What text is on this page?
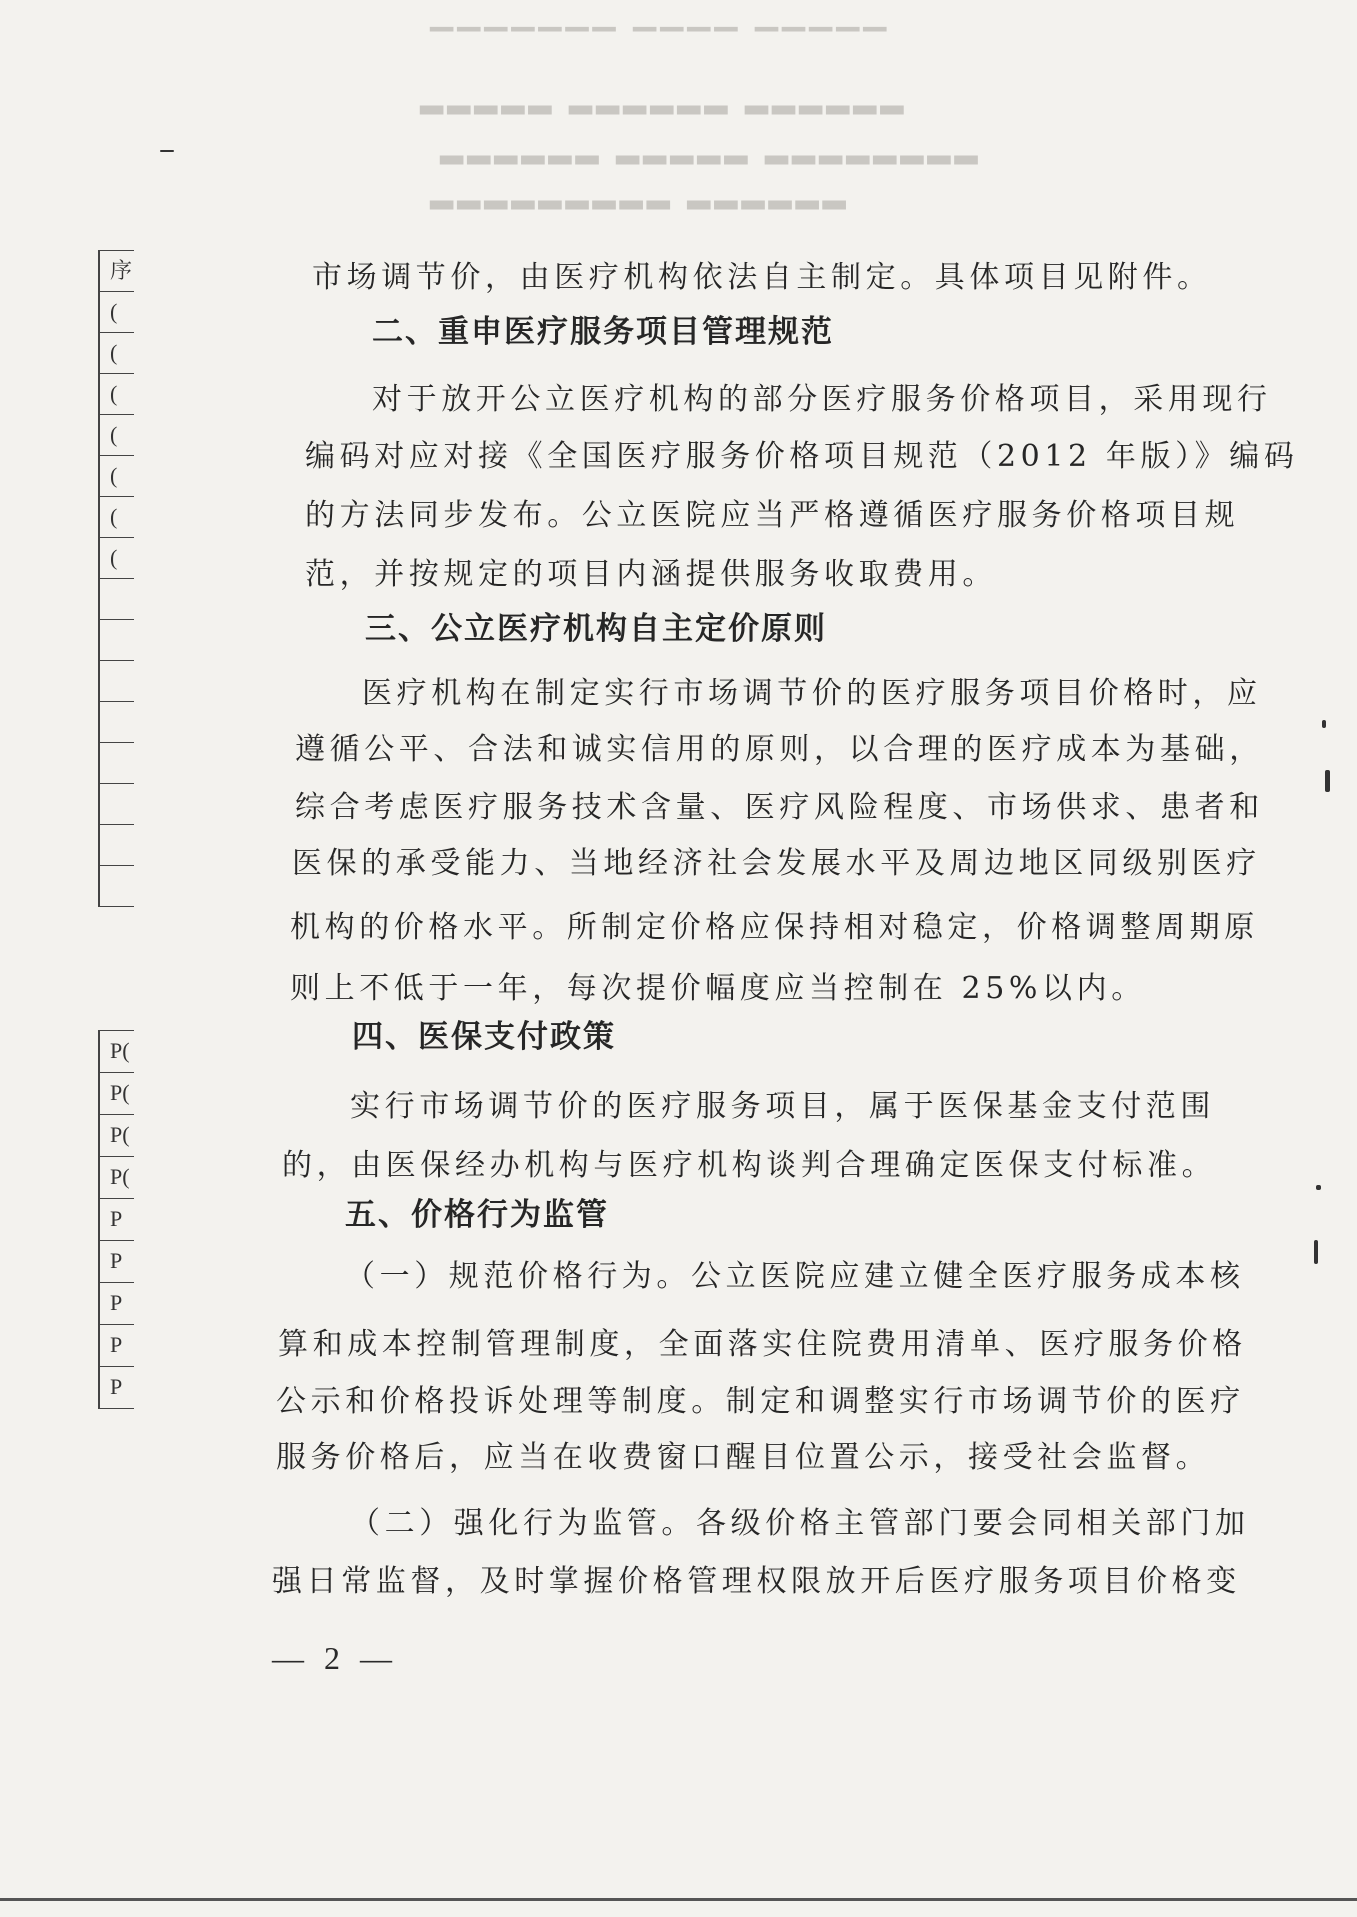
▔▔▔▔▔▔▔ ▔▔▔▔ ▔▔▔▔▔
▂▂▂▂▂ ▂▂▂▂▂▂ ▂▂▂▂▂▂
▂▂▂▂▂▂ ▂▂▂▂▂ ▂▂▂▂▂▂▂▂
▂▂▂▂▂▂▂▂▂ ▂▂▂▂▂▂
序
(
(
(
(
(
(
(
P(
P(
P(
P(
P
P
P
P
P
市场调节价，由医疗机构依法自主制定。具体项目见附件。
二、重申医疗服务项目管理规范
对于放开公立医疗机构的部分医疗服务价格项目，采用现行
编码对应对接《全国医疗服务价格项目规范（2012 年版）》编码
的方法同步发布。公立医院应当严格遵循医疗服务价格项目规
范，并按规定的项目内涵提供服务收取费用。
三、公立医疗机构自主定价原则
医疗机构在制定实行市场调节价的医疗服务项目价格时，应
遵循公平、合法和诚实信用的原则，以合理的医疗成本为基础，
综合考虑医疗服务技术含量、医疗风险程度、市场供求、患者和
医保的承受能力、当地经济社会发展水平及周边地区同级别医疗
机构的价格水平。所制定价格应保持相对稳定，价格调整周期原
则上不低于一年，每次提价幅度应当控制在 25%以内。
四、医保支付政策
实行市场调节价的医疗服务项目，属于医保基金支付范围
的，由医保经办机构与医疗机构谈判合理确定医保支付标准。
五、价格行为监管
（一）规范价格行为。公立医院应建立健全医疗服务成本核
算和成本控制管理制度，全面落实住院费用清单、医疗服务价格
公示和价格投诉处理等制度。制定和调整实行市场调节价的医疗
服务价格后，应当在收费窗口醒目位置公示，接受社会监督。
（二）强化行为监管。各级价格主管部门要会同相关部门加
强日常监督，及时掌握价格管理权限放开后医疗服务项目价格变
— 2 —
